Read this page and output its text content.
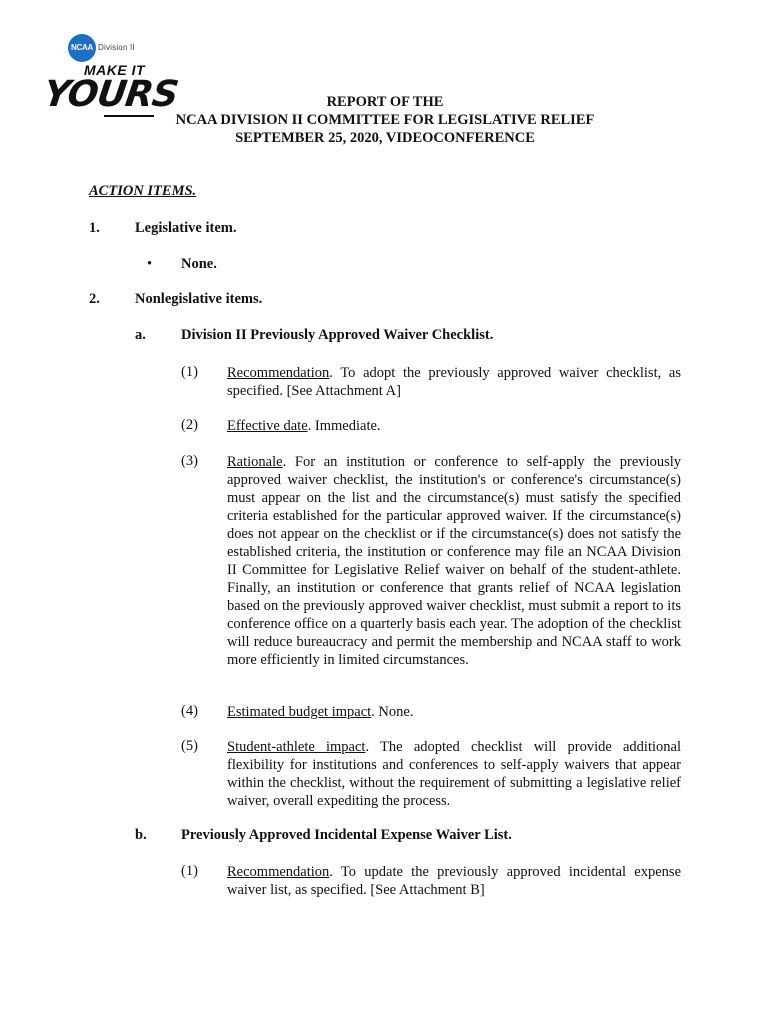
NCAA Division II
MAKE IT
YOURS	REPORT OF THE
NCAA DIVISION II COMMITTEE FOR LEGISLATIVE RELIEF
SEPTEMBER 25, 2020, VIDEOCONFERENCE
ACTION ITEMS.
1. Legislative item.
• None.
2. Nonlegislative items.
a. Division II Previously Approved Waiver Checklist.
(1) Recommendation. To adopt the previously approved waiver checklist, as specified. [See Attachment A]
(2) Effective date. Immediate.
(3) Rationale. For an institution or conference to self-apply the previously approved waiver checklist, the institution's or conference's circumstance(s) must appear on the list and the circumstance(s) must satisfy the specified criteria established for the particular approved waiver. If the circumstance(s) does not appear on the checklist or if the circumstance(s) does not satisfy the established criteria, the institution or conference may file an NCAA Division II Committee for Legislative Relief waiver on behalf of the student-athlete. Finally, an institution or conference that grants relief of NCAA legislation based on the previously approved waiver checklist, must submit a report to its conference office on a quarterly basis each year. The adoption of the checklist will reduce bureaucracy and permit the membership and NCAA staff to work more efficiently in limited circumstances.
(4) Estimated budget impact. None.
(5) Student-athlete impact. The adopted checklist will provide additional flexibility for institutions and conferences to self-apply waivers that appear within the checklist, without the requirement of submitting a legislative relief waiver, overall expediting the process.
b. Previously Approved Incidental Expense Waiver List.
(1) Recommendation. To update the previously approved incidental expense waiver list, as specified. [See Attachment B]
